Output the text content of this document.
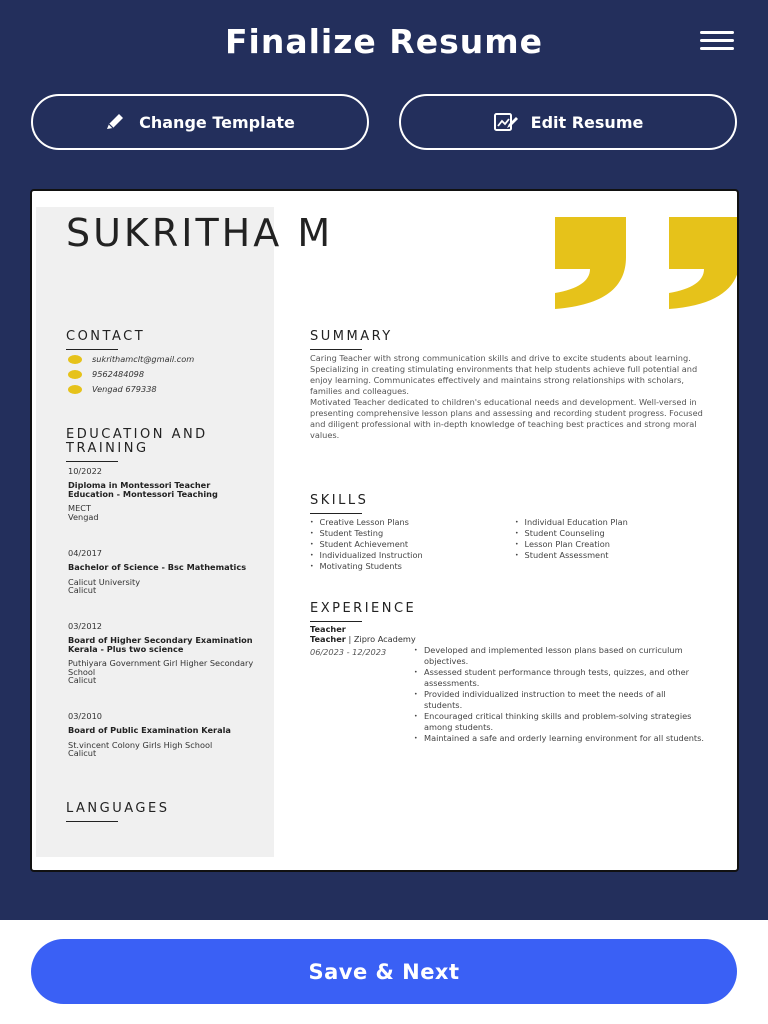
Finalize Resume
Change Template	Edit Resume
SUKRITHA M
CONTACT
sukrithamclt@gmail.com
9562484098
Vengad 679338
EDUCATION AND TRAINING
10/2022
Diploma in Montessori Teacher Education - Montessori Teaching
MECT
Vengad
04/2017
Bachelor of Science - Bsc Mathematics
Calicut University
Calicut
03/2012
Board of Higher Secondary Examination Kerala - Plus two science
Puthiyara Government Girl Higher Secondary School
Calicut
03/2010
Board of Public Examination Kerala
St.vincent Colony Girls High School
Calicut
LANGUAGES
SUMMARY
Caring Teacher with strong communication skills and drive to excite students about learning. Specializing in creating stimulating environments that help students achieve full potential and enjoy learning. Communicates effectively and maintains strong relationships with scholars, families and colleagues.
Motivated Teacher dedicated to children's educational needs and development. Well-versed in presenting comprehensive lesson plans and assessing and recording student progress. Focused and diligent professional with in-depth knowledge of teaching best practices and strong moral values.
SKILLS
• Creative Lesson Plans
• Student Testing
• Student Achievement
• Individualized Instruction
• Motivating Students
• Individual Education Plan
• Student Counseling
• Lesson Plan Creation
• Student Assessment
EXPERIENCE
Teacher
Teacher | Zipro Academy
06/2023 - 12/2023
•	Developed and implemented lesson plans based on curriculum objectives.
• Assessed student performance through tests, quizzes, and other assessments.
• Provided individualized instruction to meet the needs of all students.
• Encouraged critical thinking skills and problem-solving strategies among students.
• Maintained a safe and orderly learning environment for all students.
Save & Next
